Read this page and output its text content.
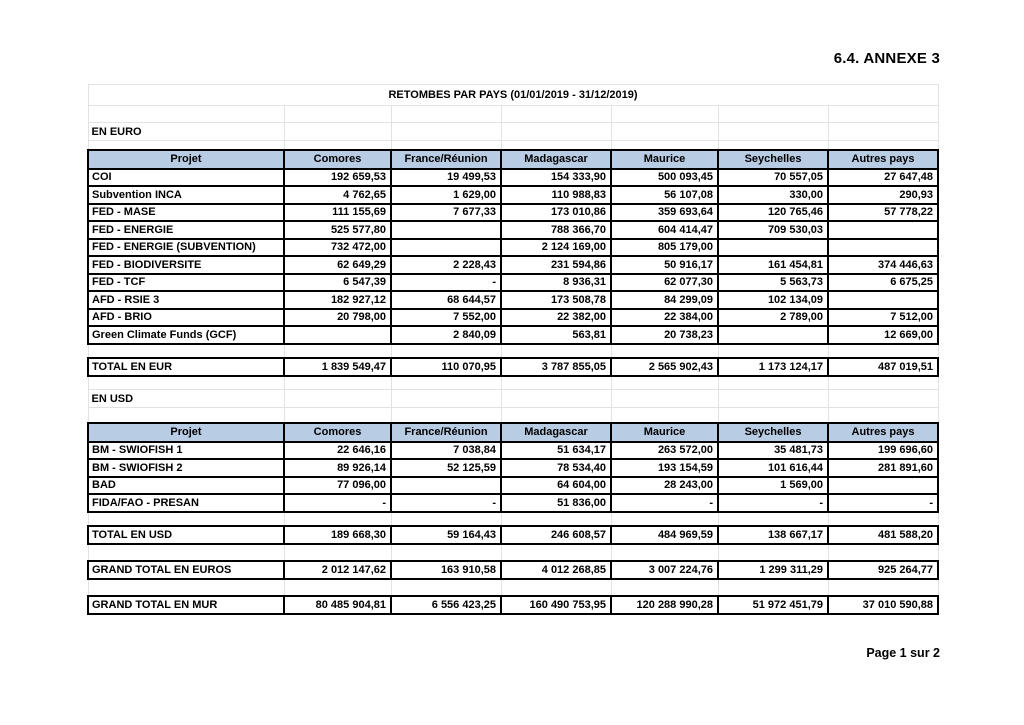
6.4. ANNEXE 3
RETOMBES PAR PAYS (01/01/2019 - 31/12/2019)						

EN EURO						

Projet	Comores	France/Réunion	Madagascar	Maurice	Seychelles	Autres pays
COI	192 659,53	19 499,53	154 333,90	500 093,45	70 557,05	27 647,48
Subvention INCA	4 762,65	1 629,00	110 988,83	56 107,08	330,00	290,93
FED - MASE	111 155,69	7 677,33	173 010,86	359 693,64	120 765,46	57 778,22
FED - ENERGIE	525 577,80		788 366,70	604 414,47	709 530,03	
FED - ENERGIE (SUBVENTION)	732 472,00		2 124 169,00	805 179,00		
FED - BIODIVERSITE	62 649,29	2 228,43	231 594,86	50 916,17	161 454,81	374 446,63
FED - TCF	6 547,39	-	8 936,31	62 077,30	5 563,73	6 675,25
AFD - RSIE 3	182 927,12	68 644,57	173 508,78	84 299,09	102 134,09	
AFD - BRIO	20 798,00	7 552,00	22 382,00	22 384,00	2 789,00	7 512,00
Green Climate Funds (GCF)		2 840,09	563,81	20 738,23		12 669,00

TOTAL EN EUR	1 839 549,47	110 070,95	3 787 855,05	2 565 902,43	1 173 124,17	487 019,51

EN USD						

Projet	Comores	France/Réunion	Madagascar	Maurice	Seychelles	Autres pays
BM - SWIOFISH 1	22 646,16	7 038,84	51 634,17	263 572,00	35 481,73	199 696,60
BM - SWIOFISH 2	89 926,14	52 125,59	78 534,40	193 154,59	101 616,44	281 891,60
BAD	77 096,00		64 604,00	28 243,00	1 569,00	
FIDA/FAO - PRESAN	-	-	51 836,00	-	-	-

TOTAL EN USD	189 668,30	59 164,43	246 608,57	484 969,59	138 667,17	481 588,20

GRAND TOTAL EN EUROS	2 012 147,62	163 910,58	4 012 268,85	3 007 224,76	1 299 311,29	925 264,77

GRAND TOTAL EN MUR	80 485 904,81	6 556 423,25	160 490 753,95	120 288 990,28	51 972 451,79	37 010 590,88
Page 1 sur 2
